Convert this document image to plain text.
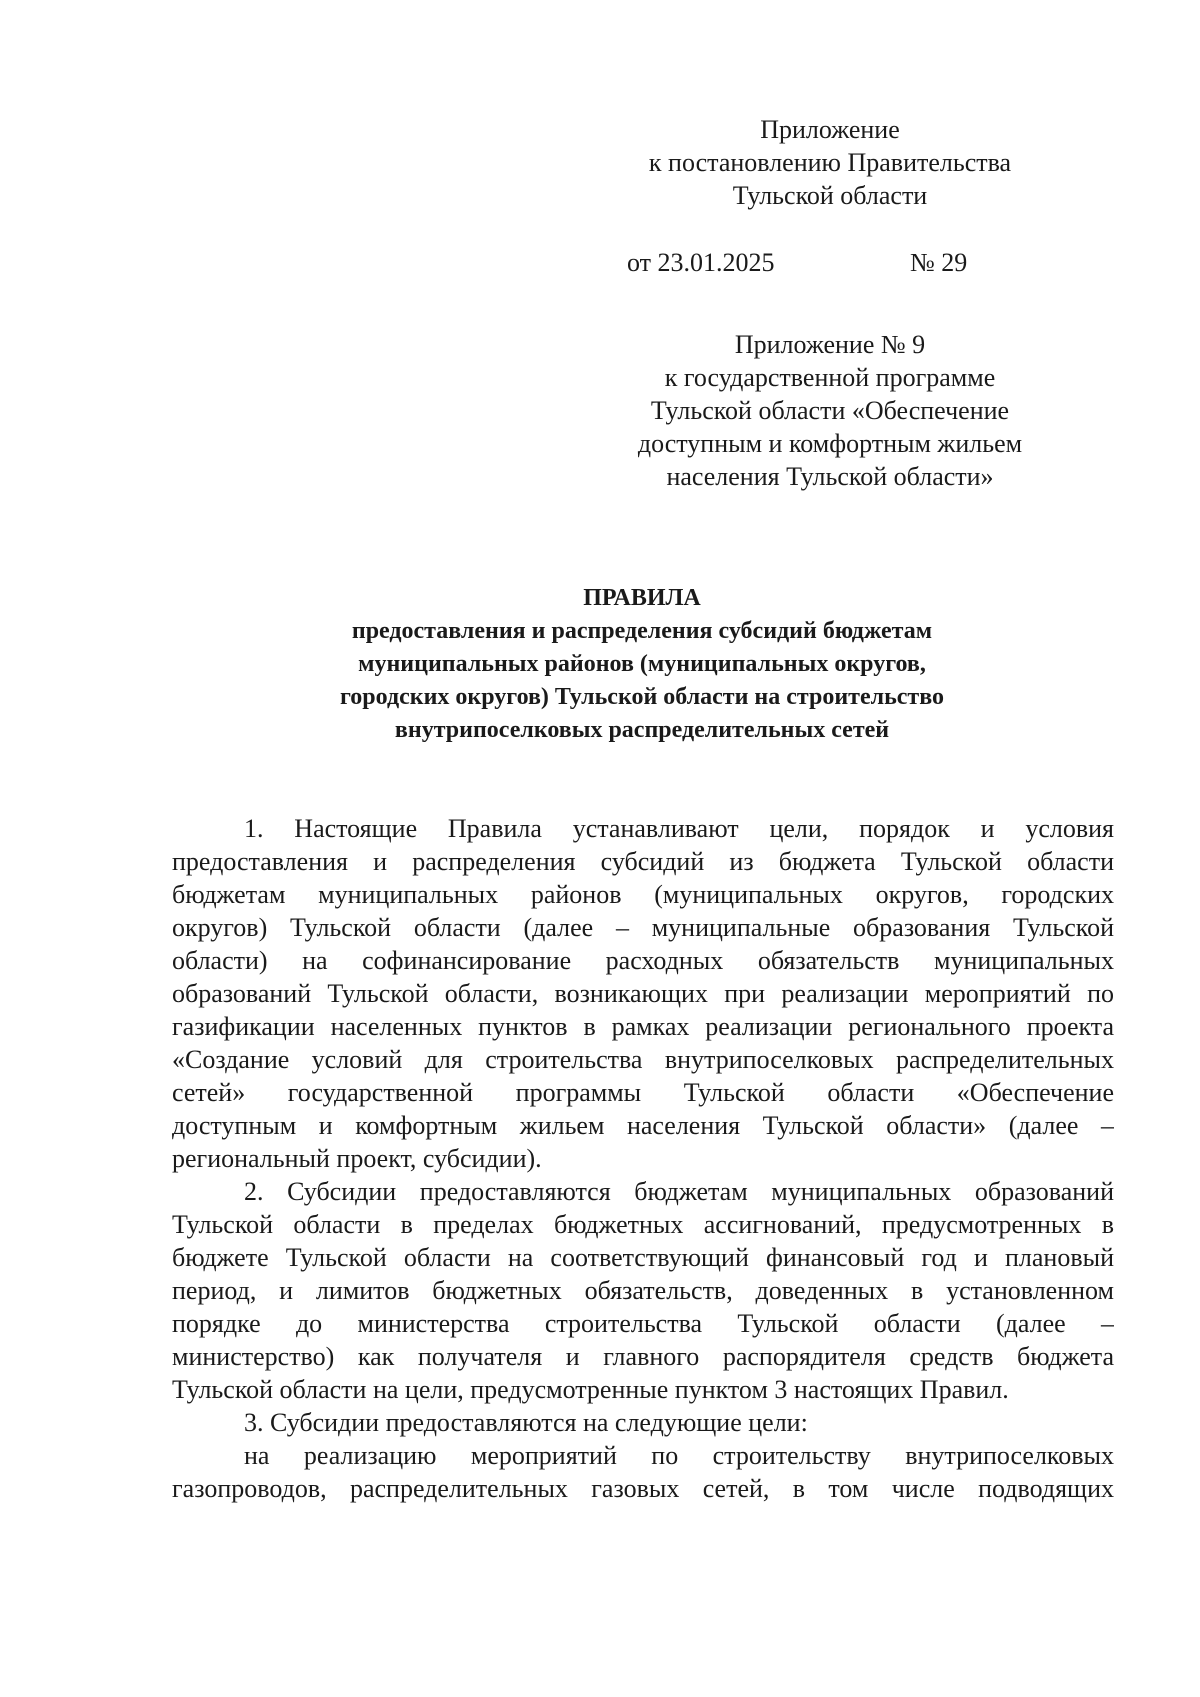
Приложение
к постановлению Правительства
Тульской области
от 23.01.2025	№ 29
Приложение № 9
к государственной программе
Тульской области «Обеспечение
доступным и комфортным жильем
населения Тульской области»
ПРАВИЛА
предоставления и распределения субсидий бюджетам
муниципальных районов (муниципальных округов,
городских округов) Тульской области на строительство
внутрипоселковых распределительных сетей
1. Настоящие Правила устанавливают цели, порядок и условия
предоставления и распределения субсидий из бюджета Тульской области
бюджетам муниципальных районов (муниципальных округов, городских
округов) Тульской области (далее – муниципальные образования Тульской
области) на софинансирование расходных обязательств муниципальных
образований Тульской области, возникающих при реализации мероприятий по
газификации населенных пунктов в рамках реализации регионального проекта
«Создание условий для строительства внутрипоселковых распределительных
сетей» государственной программы Тульской области «Обеспечение
доступным и комфортным жильем населения Тульской области» (далее –
региональный проект, субсидии).
2. Субсидии предоставляются бюджетам муниципальных образований
Тульской области в пределах бюджетных ассигнований, предусмотренных в
бюджете Тульской области на соответствующий финансовый год и плановый
период, и лимитов бюджетных обязательств, доведенных в установленном
порядке до министерства строительства Тульской области (далее –
министерство) как получателя и главного распорядителя средств бюджета
Тульской области на цели, предусмотренные пунктом 3 настоящих Правил.
3. Субсидии предоставляются на следующие цели:
на реализацию мероприятий по строительству внутрипоселковых
газопроводов, распределительных газовых сетей, в том числе подводящих
